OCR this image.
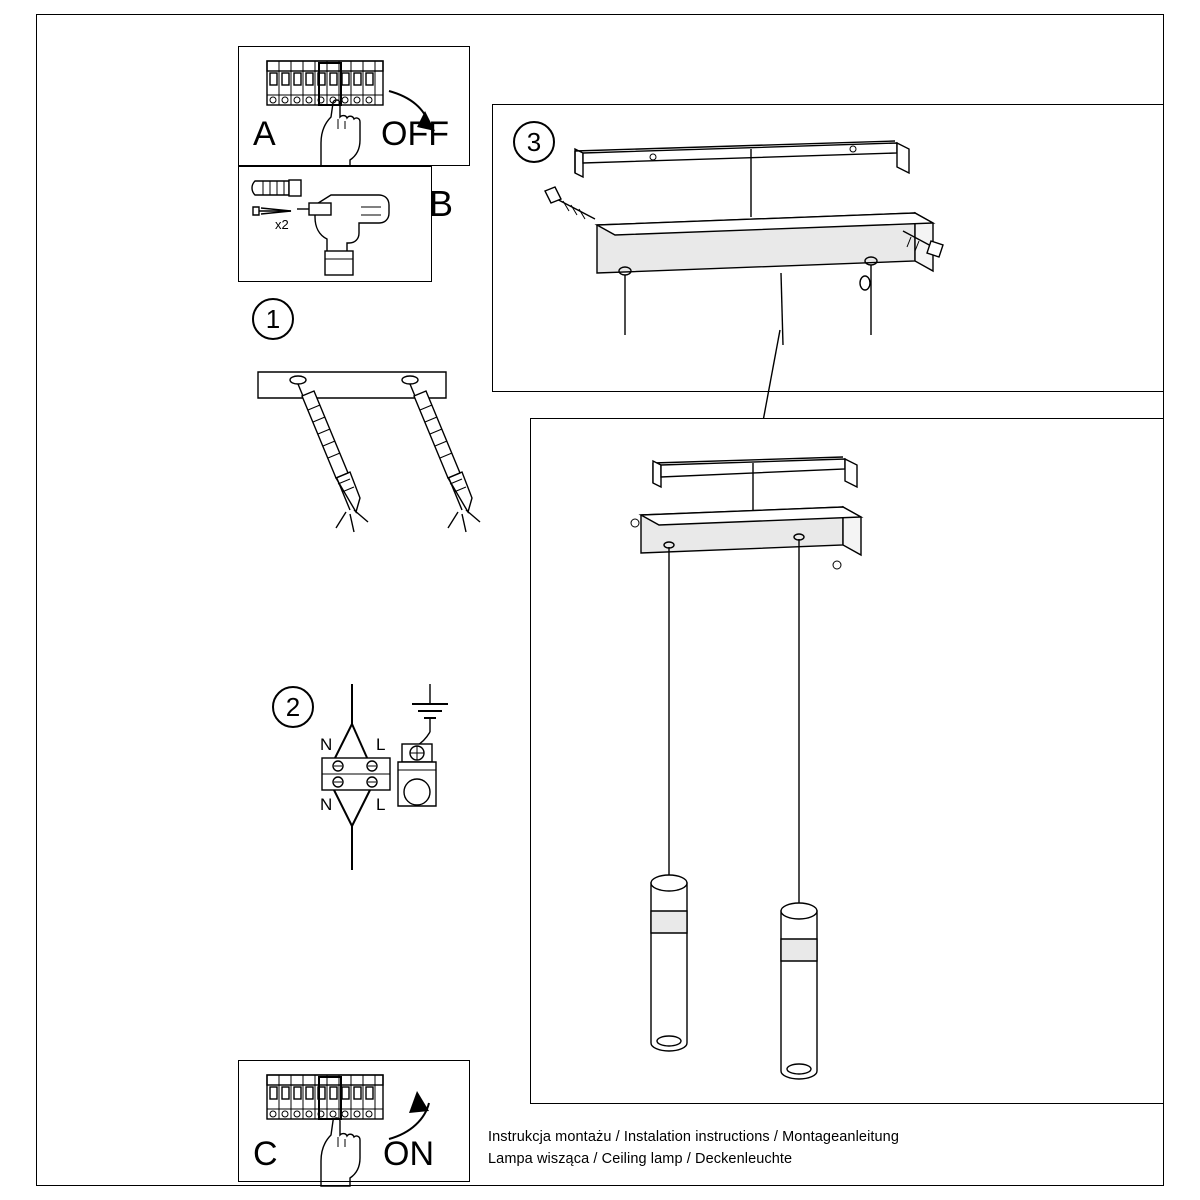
A	OFF
x2
B
1
2
N	L
N	L
C	ON
3
Instrukcja montażu / Instalation instructions / Montageanleitung
Lampa wisząca / Ceiling lamp / Deckenleuchte
